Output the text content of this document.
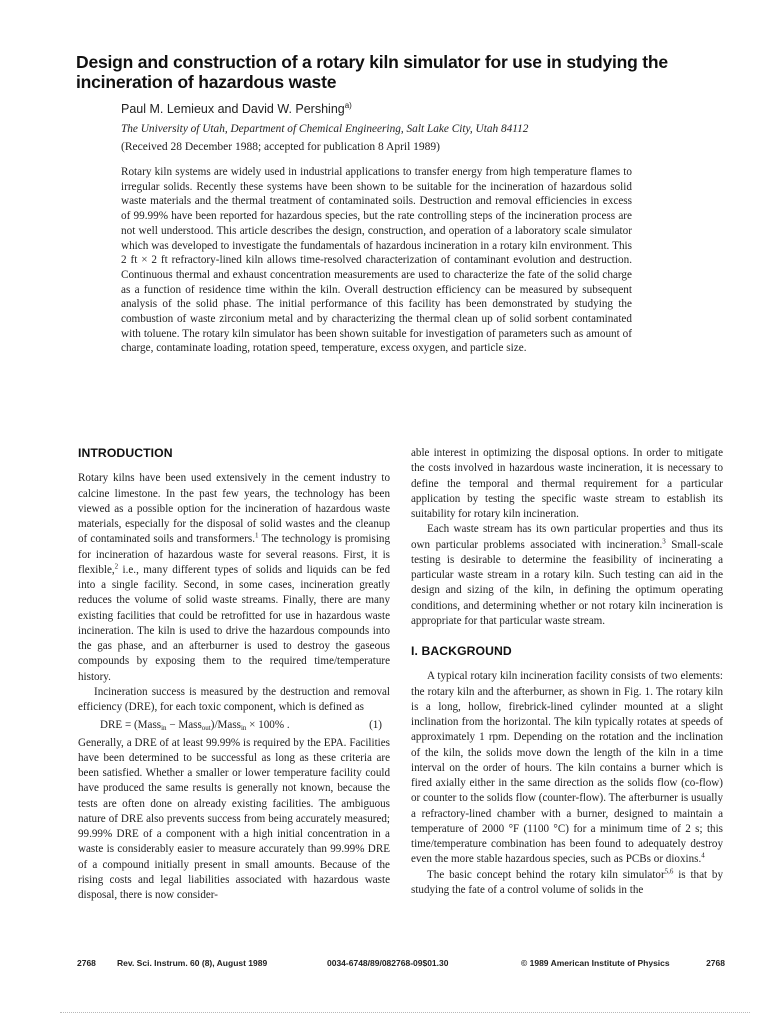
Design and construction of a rotary kiln simulator for use in studying the incineration of hazardous waste

Paul M. Lemieux and David W. Pershing$^{a)}$

The University of Utah, Department of Chemical Engineering, Salt Lake City, Utah 84112

(Received 28 December 1988; accepted for publication 8 April 1989)

Rotary kiln systems are widely used in industrial applications to transfer energy from high temperature flames to irregular solids. Recently these systems have been shown to be suitable for the incineration of hazardous solid waste materials and the thermal treatment of contaminated soils. Destruction and removal efficiencies in excess of 99.99% have been reported for hazardous species, but the rate controlling steps of the incineration process are not well understood. This article describes the design, construction, and operation of a laboratory scale simulator which was developed to investigate the fundamentals of hazardous incineration in a rotary kiln environment. This 2 ft × 2 ft refractory-lined kiln allows time-resolved characterization of contaminant evolution and destruction. Continuous thermal and exhaust concentration measurements are used to characterize the fate of the solid charge as a function of residence time within the kiln. Overall destruction efficiency can be measured by subsequent analysis of the solid phase. The initial performance of this facility has been demonstrated by studying the combustion of waste zirconium metal and by characterizing the thermal clean up of solid sorbent contaminated with toluene. The rotary kiln simulator has been shown suitable for investigation of parameters such as amount of charge, contaminate loading, rotation speed, temperature, excess oxygen, and particle size.

INTRODUCTION

Rotary kilns have been used extensively in the cement industry to calcine limestone. In the past few years, the technology has been viewed as a possible option for the incineration of hazardous waste materials, especially for the disposal of solid wastes and the cleanup of contaminated soils and transformers.$^1$ The technology is promising for incineration of hazardous waste for several reasons. First, it is flexible,$^2$ i.e., many different types of solids and liquids can be fed into a single facility. Second, in some cases, incineration greatly reduces the volume of solid waste streams. Finally, there are many existing facilities that could be retrofitted for use in hazardous waste incineration. The kiln is used to drive the hazardous compounds into the gas phase, and an afterburner is used to destroy the gaseous compounds by exposing them to the required time/temperature history.

Incineration success is measured by the destruction and removal efficiency (DRE), for each toxic component, which is defined as

DRE = (Massin − Massout)/Massin × 100% .	(1)

Generally, a DRE of at least 99.99% is required by the EPA. Facilities have been determined to be successful as long as these criteria are been satisfied. Whether a smaller or lower temperature facility could have produced the same results is generally not known, because the tests are often done on already existing facilities. The ambiguous nature of DRE also prevents success from being accurately measured; 99.99% DRE of a component with a high initial concentration in a waste is considerably easier to measure accurately than 99.99% DRE of a compound initially present in small amounts. Because of the rising costs and legal liabilities associated with hazardous waste disposal, there is now consider-

able interest in optimizing the disposal options. In order to mitigate the costs involved in hazardous waste incineration, it is necessary to define the temporal and thermal requirement for a particular application by testing the specific waste stream to establish its suitability for rotary kiln incineration.

Each waste stream has its own particular properties and thus its own particular problems associated with incineration.$^3$ Small-scale testing is desirable to determine the feasibility of incinerating a particular waste stream in a rotary kiln. Such testing can aid in the design and sizing of the kiln, in defining the optimum operating conditions, and determining whether or not rotary kiln incineration is appropriate for that particular waste stream.

I. BACKGROUND

A typical rotary kiln incineration facility consists of two elements: the rotary kiln and the afterburner, as shown in Fig. 1. The rotary kiln is a long, hollow, firebrick-lined cylinder mounted at a slight inclination from the horizontal. The kiln typically rotates at speeds of approximately 1 rpm. Depending on the rotation and the inclination of the kiln, the solids move down the length of the kiln in a time interval on the order of hours. The kiln contains a burner which is fired axially either in the same direction as the solids flow (co-flow) or counter to the solids flow (counter-flow). The afterburner is usually a refractory-lined chamber with a burner, designed to maintain a temperature of 2000 °F (1100 °C) for a minimum time of 2 s; this time/temperature combination has been found to adequately destroy even the more stable hazardous species, such as PCBs or dioxins.$^4$

The basic concept behind the rotary kiln simulator$^{5,6}$ is that by studying the fate of a control volume of solids in the

2768 Rev. Sci. Instrum. 60 (8), August 1989	0034-6748/89/082768-09$01.30	© 1989 American Institute of Physics	2768
